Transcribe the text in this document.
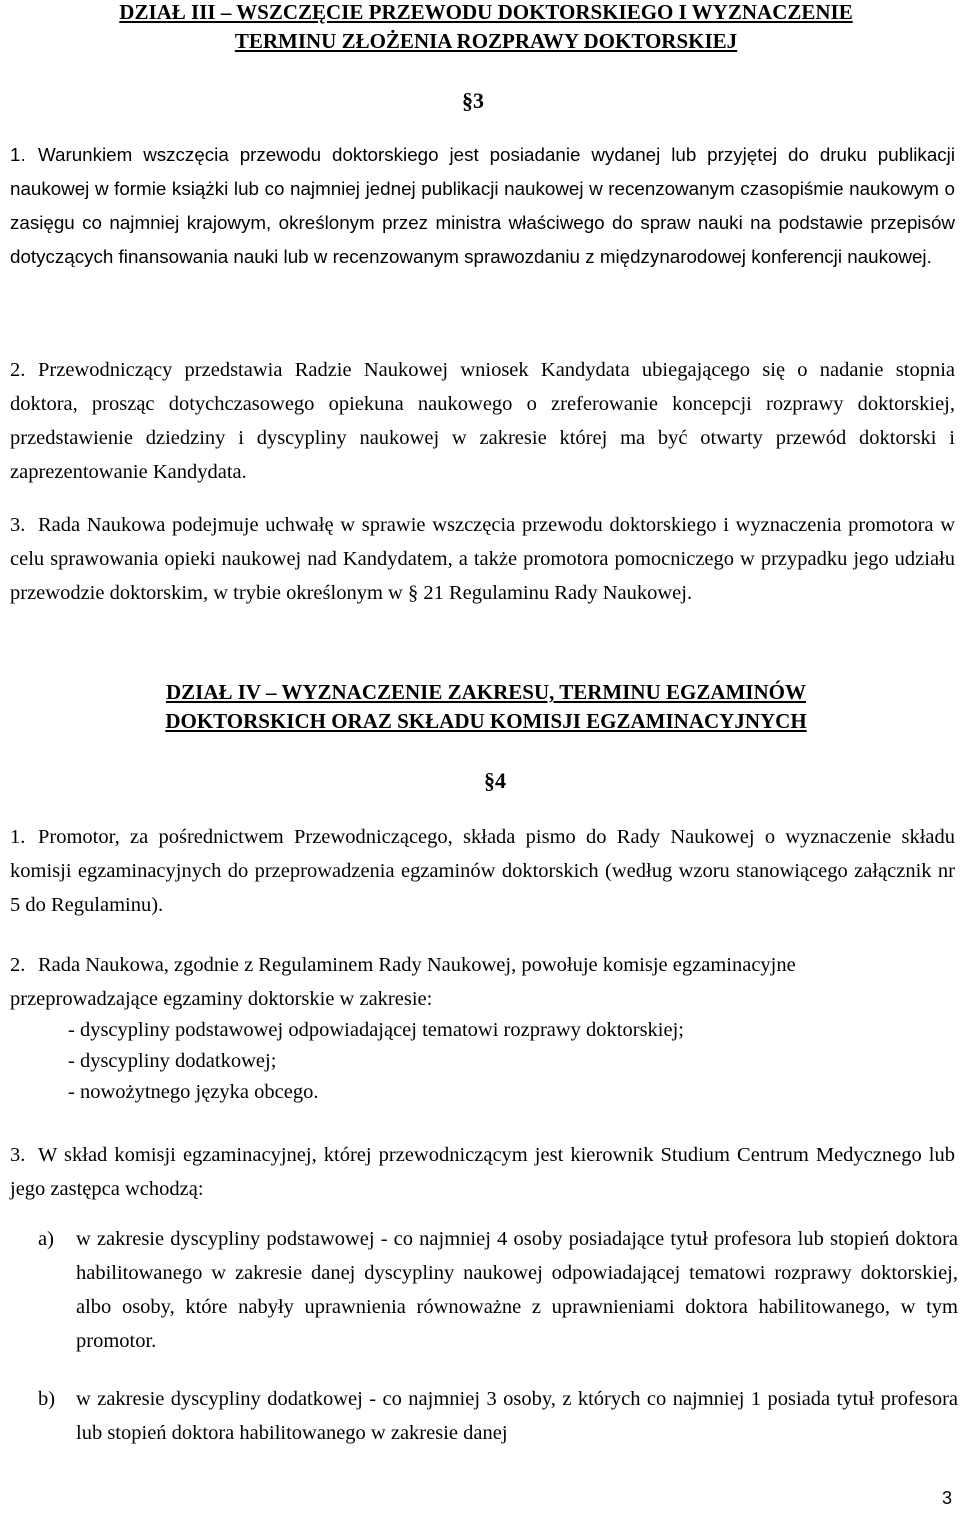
DZIAŁ III – WSZCZĘCIE PRZEWODU DOKTORSKIEGO I WYZNACZENIE
TERMINU ZŁOŻENIA ROZPRAWY DOKTORSKIEJ
§3

1. Warunkiem wszczęcia przewodu doktorskiego jest posiadanie wydanej lub przyjętej do druku publikacji naukowej w formie książki lub co najmniej jednej publikacji naukowej w recenzowanym czasopiśmie naukowym o zasięgu co najmniej krajowym, określonym przez ministra właściwego do spraw nauki na podstawie przepisów dotyczących finansowania nauki lub w recenzowanym sprawozdaniu z międzynarodowej konferencji naukowej.

2. Przewodniczący przedstawia Radzie Naukowej wniosek Kandydata ubiegającego się o nadanie stopnia doktora, prosząc dotychczasowego opiekuna naukowego o zreferowanie koncepcji rozprawy doktorskiej, przedstawienie dziedziny i dyscypliny naukowej w zakresie której ma być otwarty przewód doktorski i zaprezentowanie Kandydata.

3. Rada Naukowa podejmuje uchwałę w sprawie wszczęcia przewodu doktorskiego i wyznaczenia promotora w celu sprawowania opieki naukowej nad Kandydatem, a także promotora pomocniczego w przypadku jego udziału przewodzie doktorskim, w trybie określonym w § 21 Regulaminu Rady Naukowej.

DZIAŁ IV – WYZNACZENIE ZAKRESU, TERMINU EGZAMINÓW
DOKTORSKICH ORAZ SKŁADU KOMISJI EGZAMINACYJNYCH
§4

1. Promotor, za pośrednictwem Przewodniczącego, składa pismo do Rady Naukowej o wyznaczenie składu komisji egzaminacyjnych do przeprowadzenia egzaminów doktorskich (według wzoru stanowiącego załącznik nr 5 do Regulaminu).

2. Rada Naukowa, zgodnie z Regulaminem Rady Naukowej, powołuje komisje egzaminacyjne przeprowadzające egzaminy doktorskie w zakresie:

- dyscypliny podstawowej odpowiadającej tematowi rozprawy doktorskiej;
- dyscypliny dodatkowej;
- nowożytnego języka obcego.

3. W skład komisji egzaminacyjnej, której przewodniczącym jest kierownik Studium Centrum Medycznego lub jego zastępca wchodzą:

a) w zakresie dyscypliny podstawowej - co najmniej 4 osoby posiadające tytuł profesora lub stopień doktora habilitowanego w zakresie danej dyscypliny naukowej odpowiadającej tematowi rozprawy doktorskiej, albo osoby, które nabyły uprawnienia równoważne z uprawnieniami doktora habilitowanego, w tym promotor.
b) w zakresie dyscypliny dodatkowej - co najmniej 3 osoby, z których co najmniej 1 posiada tytuł profesora lub stopień doktora habilitowanego w zakresie danej
3
